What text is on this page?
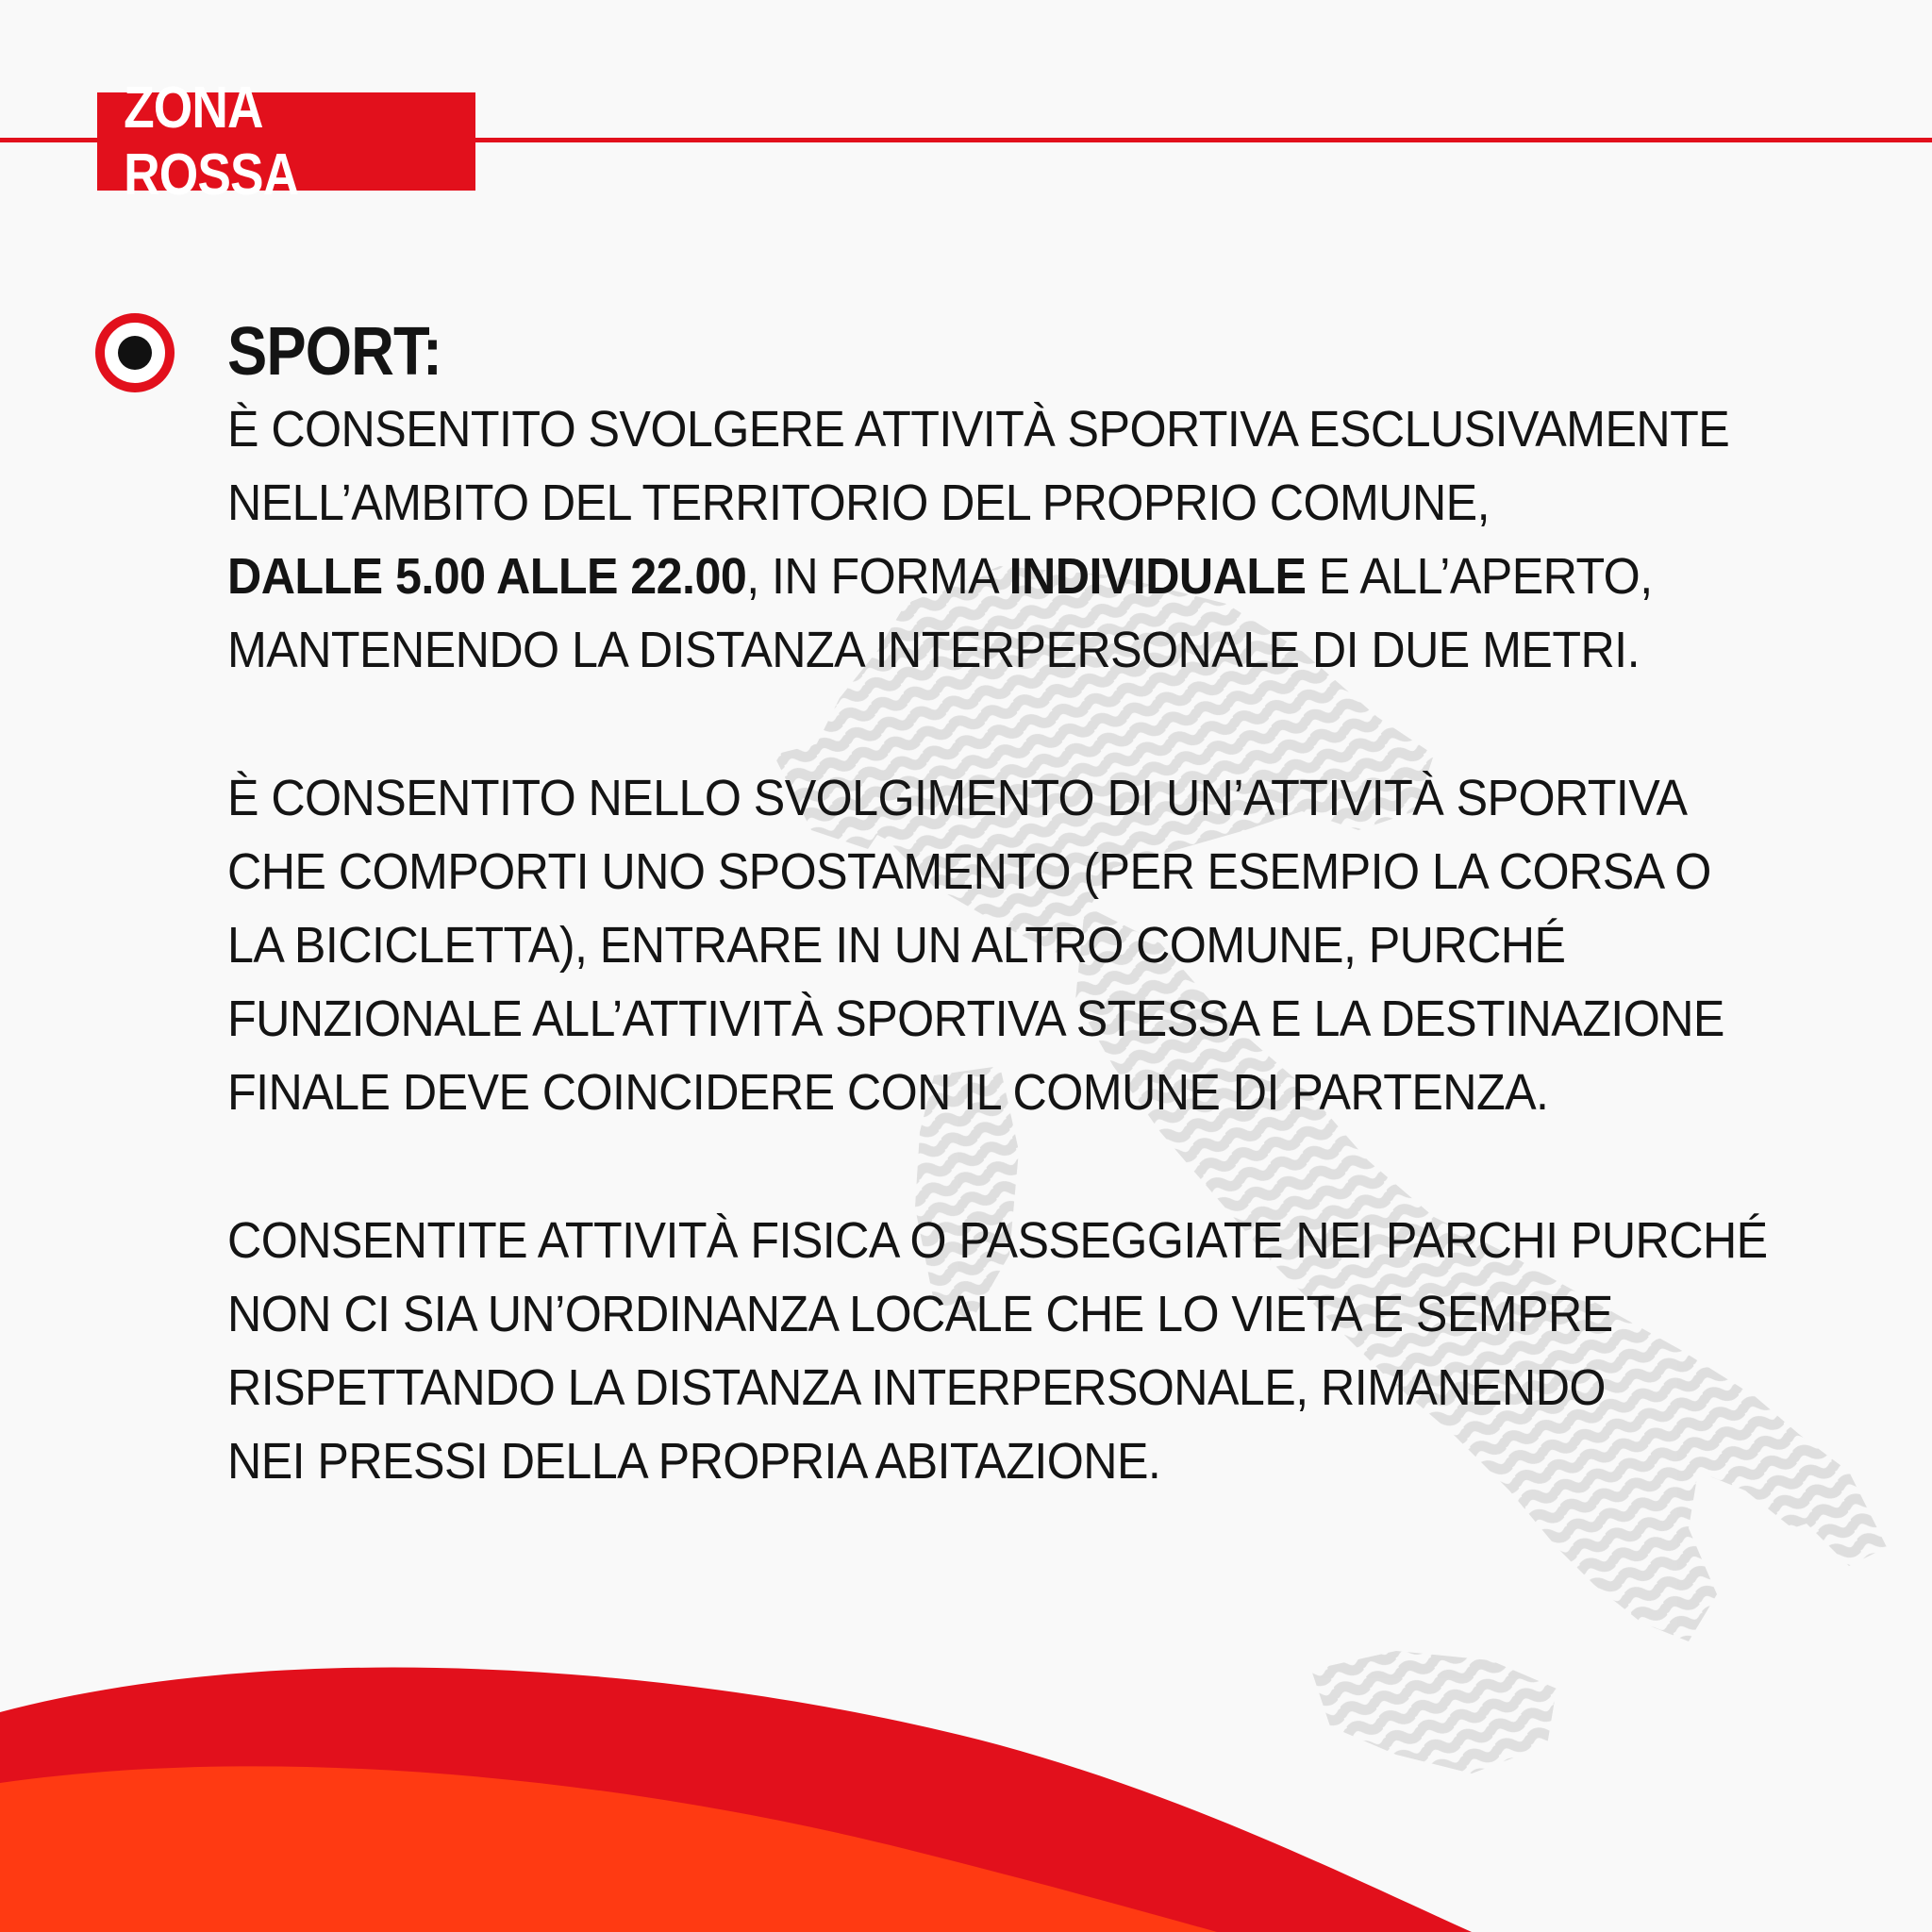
ZONA ROSSA
SPORT:
È CONSENTITO SVOLGERE ATTIVITÀ SPORTIVA ESCLUSIVAMENTE
NELL’AMBITO DEL TERRITORIO DEL PROPRIO COMUNE,
DALLE 5.00 ALLE 22.00, IN FORMA INDIVIDUALE E ALL’APERTO,
MANTENENDO LA DISTANZA INTERPERSONALE DI DUE METRI.
È CONSENTITO NELLO SVOLGIMENTO DI UN’ATTIVITÀ SPORTIVA
CHE COMPORTI UNO SPOSTAMENTO (PER ESEMPIO LA CORSA O
LA BICICLETTA), ENTRARE IN UN ALTRO COMUNE, PURCHÉ
FUNZIONALE ALL’ATTIVITÀ SPORTIVA STESSA E LA DESTINAZIONE
FINALE DEVE COINCIDERE CON IL COMUNE DI PARTENZA.
CONSENTITE ATTIVITÀ FISICA O PASSEGGIATE NEI PARCHI PURCHÉ
NON CI SIA UN’ORDINANZA LOCALE CHE LO VIETA E SEMPRE
RISPETTANDO LA DISTANZA INTERPERSONALE, RIMANENDO
NEI PRESSI DELLA PROPRIA ABITAZIONE.
